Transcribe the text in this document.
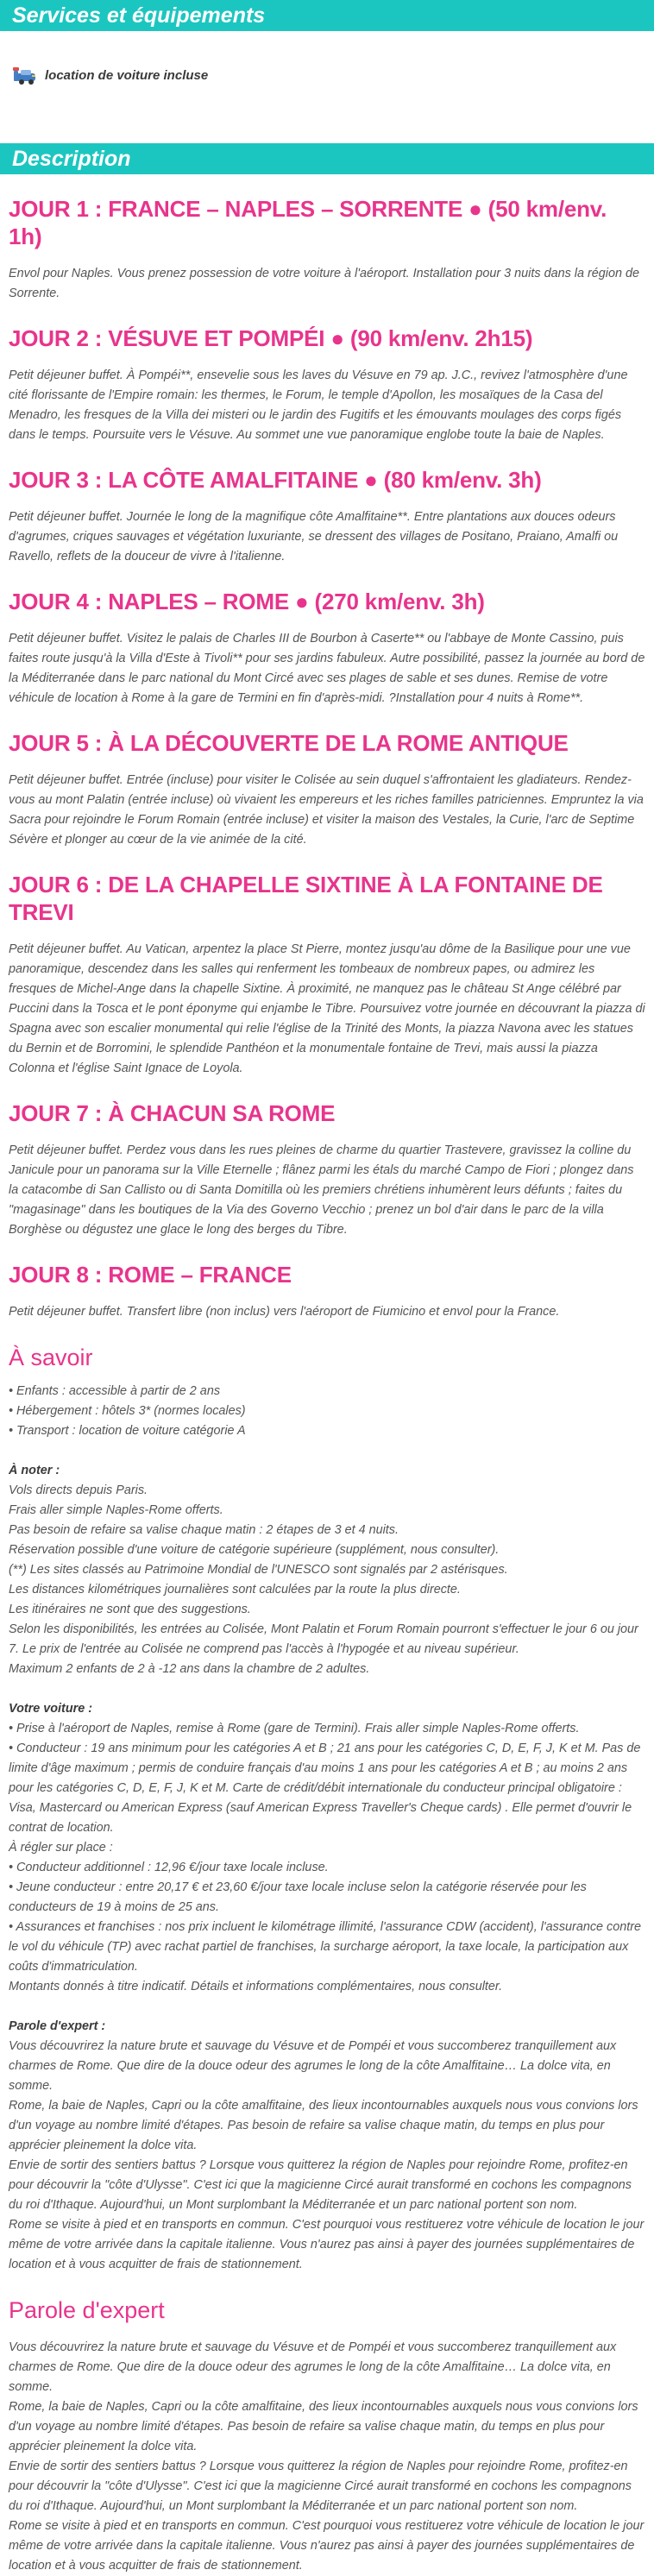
Services et équipements
location de voiture incluse
Description
JOUR 1 : FRANCE – NAPLES – SORRENTE ● (50 km/env. 1h)

Envol pour Naples. Vous prenez possession de votre voiture à l'aéroport. Installation pour 3 nuits dans la région de Sorrente.

JOUR 2 : VÉSUVE ET POMPÉI ● (90 km/env. 2h15)

Petit déjeuner buffet. À Pompéi**, ensevelie sous les laves du Vésuve en 79 ap. J.C., revivez l'atmosphère d'une cité florissante de l'Empire romain: les thermes, le Forum, le temple d'Apollon, les mosaïques de la Casa del Menadro, les fresques de la Villa dei misteri ou le jardin des Fugitifs et les émouvants moulages des corps figés dans le temps. Poursuite vers le Vésuve. Au sommet une vue panoramique englobe toute la baie de Naples.

JOUR 3 : LA CÔTE AMALFITAINE ● (80 km/env. 3h)

Petit déjeuner buffet. Journée le long de la magnifique côte Amalfitaine**. Entre plantations aux douces odeurs d'agrumes, criques sauvages et végétation luxuriante, se dressent des villages de Positano, Praiano, Amalfi ou Ravello, reflets de la douceur de vivre à l'italienne.

JOUR 4 : NAPLES – ROME ● (270 km/env. 3h)

Petit déjeuner buffet. Visitez le palais de Charles III de Bourbon à Caserte** ou l'abbaye de Monte Cassino, puis faites route jusqu'à la Villa d'Este à Tivoli** pour ses jardins fabuleux. Autre possibilité, passez la journée au bord de la Méditerranée dans le parc national du Mont Circé avec ses plages de sable et ses dunes. Remise de votre véhicule de location à Rome à la gare de Termini en fin d'après-midi. ?Installation pour 4 nuits à Rome**.

JOUR 5 : À LA DÉCOUVERTE DE LA ROME ANTIQUE

Petit déjeuner buffet. Entrée (incluse) pour visiter le Colisée au sein duquel s'affrontaient les gladiateurs. Rendez-vous au mont Palatin (entrée incluse) où vivaient les empereurs et les riches familles patriciennes. Empruntez la via Sacra pour rejoindre le Forum Romain (entrée incluse) et visiter la maison des Vestales, la Curie, l'arc de Septime Sévère et plonger au cœur de la vie animée de la cité.

JOUR 6 : DE LA CHAPELLE SIXTINE À LA FONTAINE DE TREVI

Petit déjeuner buffet. Au Vatican, arpentez la place St Pierre, montez jusqu'au dôme de la Basilique pour une vue panoramique, descendez dans les salles qui renferment les tombeaux de nombreux papes, ou admirez les fresques de Michel-Ange dans la chapelle Sixtine. À proximité, ne manquez pas le château St Ange célébré par Puccini dans la Tosca et le pont éponyme qui enjambe le Tibre. Poursuivez votre journée en découvrant la piazza di Spagna avec son escalier monumental qui relie l'église de la Trinité des Monts, la piazza Navona avec les statues du Bernin et de Borromini, le splendide Panthéon et la monumentale fontaine de Trevi, mais aussi la piazza Colonna et l'église Saint Ignace de Loyola.

JOUR 7 : À CHACUN SA ROME

Petit déjeuner buffet. Perdez vous dans les rues pleines de charme du quartier Trastevere, gravissez la colline du Janicule pour un panorama sur la Ville Eternelle ; flânez parmi les étals du marché Campo de Fiori ; plongez dans la catacombe di San Callisto ou di Santa Domitilla où les premiers chrétiens inhumèrent leurs défunts ; faites du "magasinage" dans les boutiques de la Via des Governo Vecchio ; prenez un bol d'air dans le parc de la villa Borghèse ou dégustez une glace le long des berges du Tibre.

JOUR 8 : ROME – FRANCE

Petit déjeuner buffet. Transfert libre (non inclus) vers l'aéroport de Fiumicino et envol pour la France.

À savoir
• Enfants : accessible à partir de 2 ans
• Hébergement : hôtels 3* (normes locales)
• Transport : location de voiture catégorie A
À noter :
Vols directs depuis Paris.
Frais aller simple Naples-Rome offerts.
Pas besoin de refaire sa valise chaque matin : 2 étapes de 3 et 4 nuits.
Réservation possible d'une voiture de catégorie supérieure (supplément, nous consulter).
(**) Les sites classés au Patrimoine Mondial de l'UNESCO sont signalés par 2 astérisques.
Les distances kilométriques journalières sont calculées par la route la plus directe.
Les itinéraires ne sont que des suggestions.
Selon les disponibilités, les entrées au Colisée, Mont Palatin et Forum Romain pourront s'effectuer le jour 6 ou jour 7. Le prix de l'entrée au Colisée ne comprend pas l'accès à l'hypogée et au niveau supérieur.
Maximum 2 enfants de 2 à -12 ans dans la chambre de 2 adultes.
Votre voiture :
• Prise à l'aéroport de Naples, remise à Rome (gare de Termini). Frais aller simple Naples-Rome offerts.
• Conducteur : 19 ans minimum pour les catégories A et B ; 21 ans pour les catégories C, D, E, F, J, K et M. Pas de limite d'âge maximum ; permis de conduire français d'au moins 1 ans pour les catégories A et B ; au moins 2 ans pour les catégories C, D, E, F, J, K et M. Carte de crédit/débit internationale du conducteur principal obligatoire : Visa, Mastercard ou American Express (sauf American Express Traveller's Cheque cards) . Elle permet d'ouvrir le contrat de location.
À régler sur place :
• Conducteur additionnel : 12,96 €/jour taxe locale incluse.
• Jeune conducteur : entre 20,17 € et 23,60 €/jour taxe locale incluse selon la catégorie réservée pour les conducteurs de 19 à moins de 25 ans.
• Assurances et franchises : nos prix incluent le kilométrage illimité, l'assurance CDW (accident), l'assurance contre le vol du véhicule (TP) avec rachat partiel de franchises, la surcharge aéroport, la taxe locale, la participation aux coûts d'immatriculation.
Montants donnés à titre indicatif. Détails et informations complémentaires, nous consulter.
Parole d'expert :
Vous découvrirez la nature brute et sauvage du Vésuve et de Pompéi et vous succomberez tranquillement aux charmes de Rome. Que dire de la douce odeur des agrumes le long de la côte Amalfitaine… La dolce vita, en somme.
Rome, la baie de Naples, Capri ou la côte amalfitaine, des lieux incontournables auxquels nous vous convions lors d'un voyage au nombre limité d'étapes. Pas besoin de refaire sa valise chaque matin, du temps en plus pour apprécier pleinement la dolce vita.
Envie de sortir des sentiers battus ? Lorsque vous quitterez la région de Naples pour rejoindre Rome, profitez-en pour découvrir la "côte d'Ulysse". C'est ici que la magicienne Circé aurait transformé en cochons les compagnons du roi d'Ithaque. Aujourd'hui, un Mont surplombant la Méditerranée et un parc national portent son nom.
Rome se visite à pied et en transports en commun. C'est pourquoi vous restituerez votre véhicule de location le jour même de votre arrivée dans la capitale italienne. Vous n'aurez pas ainsi à payer des journées supplémentaires de location et à vous acquitter de frais de stationnement.
Parole d'expert
Vous découvrirez la nature brute et sauvage du Vésuve et de Pompéi et vous succomberez tranquillement aux charmes de Rome. Que dire de la douce odeur des agrumes le long de la côte Amalfitaine… La dolce vita, en somme.
Rome, la baie de Naples, Capri ou la côte amalfitaine, des lieux incontournables auxquels nous vous convions lors d'un voyage au nombre limité d'étapes. Pas besoin de refaire sa valise chaque matin, du temps en plus pour apprécier pleinement la dolce vita.
Envie de sortir des sentiers battus ? Lorsque vous quitterez la région de Naples pour rejoindre Rome, profitez-en pour découvrir la "côte d'Ulysse". C'est ici que la magicienne Circé aurait transformé en cochons les compagnons du roi d'Ithaque. Aujourd'hui, un Mont surplombant la Méditerranée et un parc national portent son nom.
Rome se visite à pied et en transports en commun. C'est pourquoi vous restituerez votre véhicule de location le jour même de votre arrivée dans la capitale italienne. Vous n'aurez pas ainsi à payer des journées supplémentaires de location et à vous acquitter de frais de stationnement.
